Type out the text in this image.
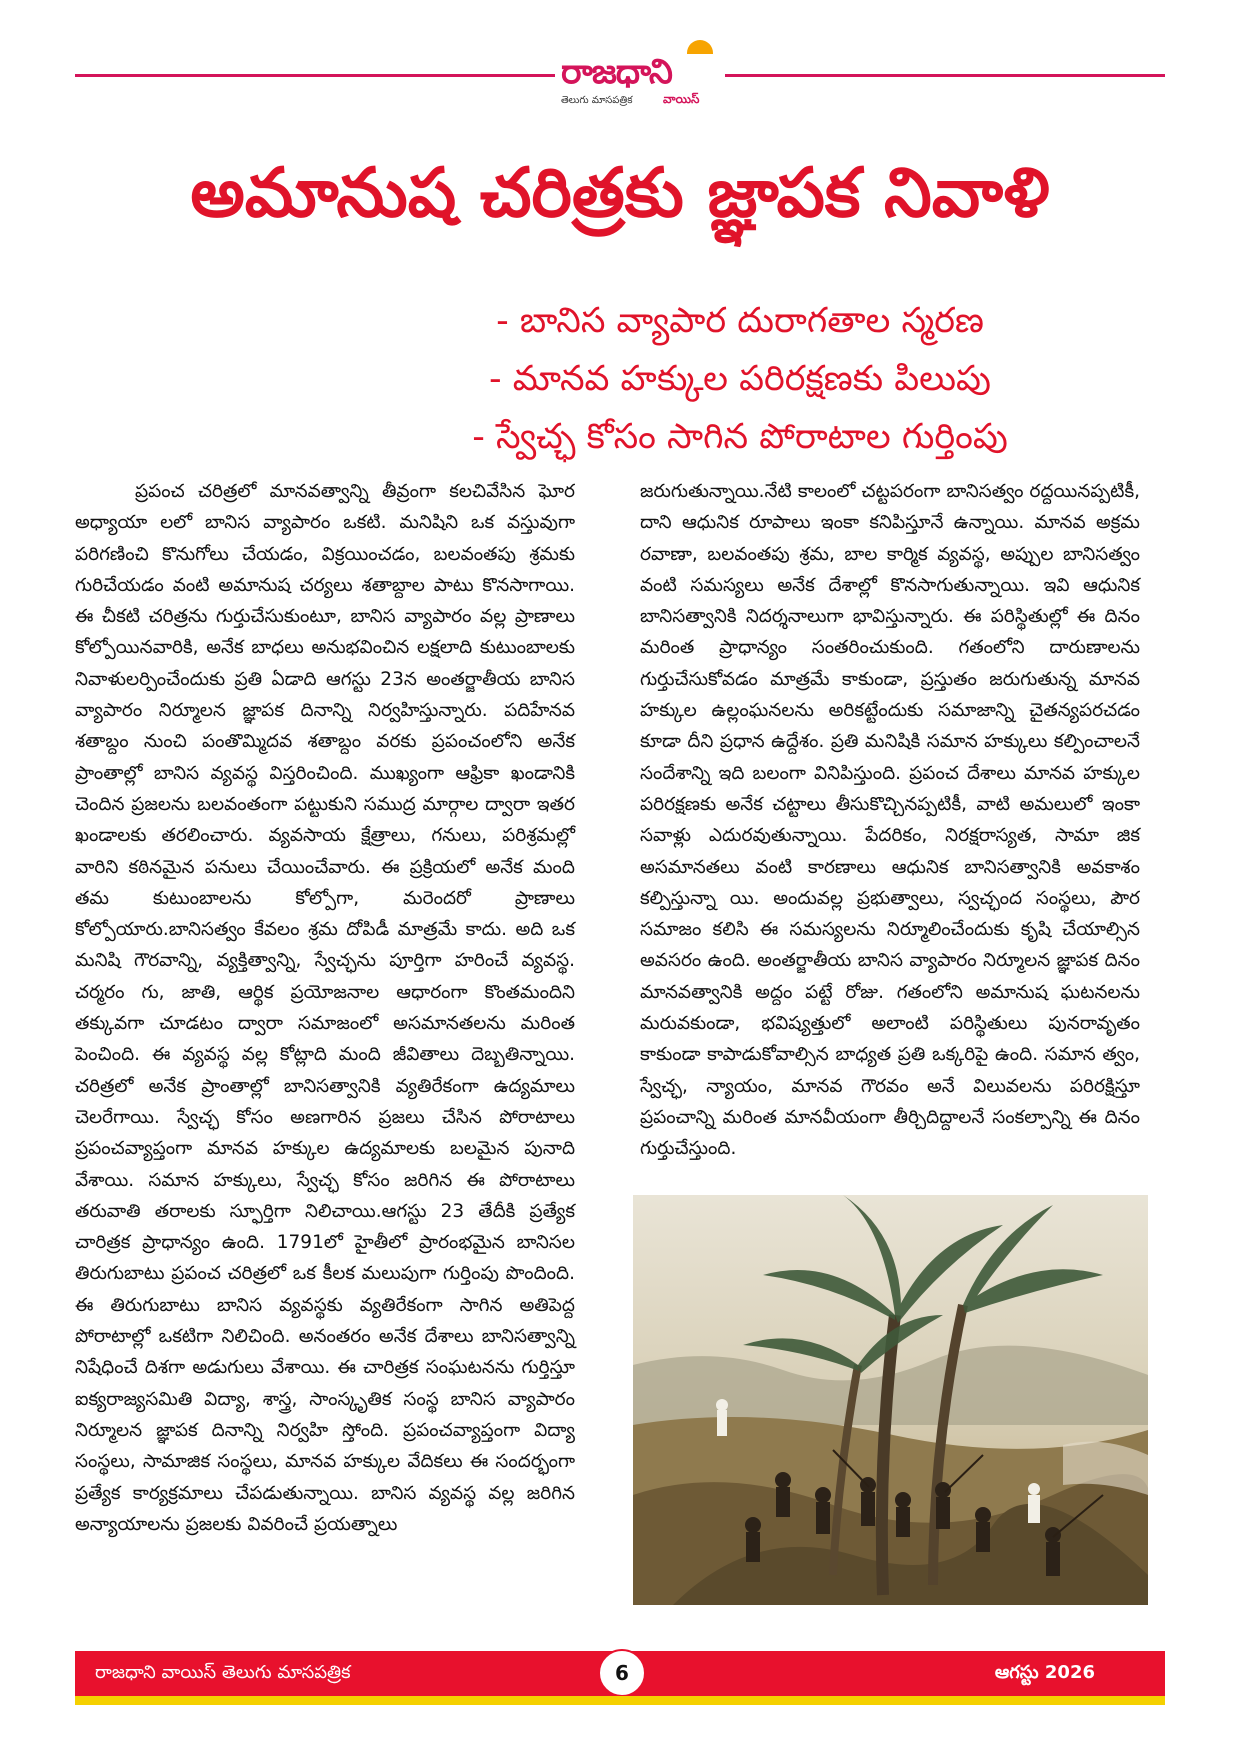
రాజధాని
తెలుగు మాసపత్రిక	వాయిస్
అమానుష చరిత్రకు జ్ఞాపక నివాళి
- బానిస వ్యాపార దురాగతాల స్మరణ
- మానవ హక్కుల పరిరక్షణకు పిలుపు
- స్వేచ్ఛ కోసం సాగిన పోరాటాల గుర్తింపు

ప్రపంచ చరిత్రలో మానవత్వాన్ని తీవ్రంగా కలచివేసిన ఘోర అధ్యాయా లలో బానిస వ్యాపారం ఒకటి. మనిషిని ఒక వస్తువుగా పరిగణించి కొనుగోలు చేయడం, విక్రయించడం, బలవంతపు శ్రమకు గురిచేయడం వంటి అమానుష చర్యలు శతాబ్దాల పాటు కొనసాగాయి. ఈ చీకటి చరిత్రను గుర్తుచేసుకుంటూ, బానిస వ్యాపారం వల్ల ప్రాణాలు కోల్పోయినవారికి, అనేక బాధలు అనుభవించిన లక్షలాది కుటుంబాలకు నివాళులర్పించేందుకు ప్రతి ఏడాది ఆగస్టు 23న అంతర్జాతీయ బానిస వ్యాపారం నిర్మూలన జ్ఞాపక దినాన్ని నిర్వహిస్తున్నారు. పదిహేనవ శతాబ్దం నుంచి పంతొమ్మిదవ శతాబ్దం వరకు ప్రపంచంలోని అనేక ప్రాంతాల్లో బానిస వ్యవస్థ విస్తరించింది. ముఖ్యంగా ఆఫ్రికా ఖండానికి చెందిన ప్రజలను బలవంతంగా పట్టుకుని సముద్ర మార్గాల ద్వారా ఇతర ఖండాలకు తరలించారు. వ్యవసాయ క్షేత్రాలు, గనులు, పరిశ్రమల్లో వారిని కఠినమైన పనులు చేయించేవారు. ఈ ప్రక్రియలో అనేక మంది తమ కుటుంబాలను కోల్పోగా, మరెందరో ప్రాణాలు కోల్పోయారు.బానిసత్వం కేవలం శ్రమ దోపిడీ మాత్రమే కాదు. అది ఒక మనిషి గౌరవాన్ని, వ్యక్తిత్వాన్ని, స్వేచ్ఛను పూర్తిగా హరించే వ్యవస్థ. చర్మరం గు, జాతి, ఆర్థిక ప్రయోజనాల ఆధారంగా కొంతమందిని తక్కువగా చూడటం ద్వారా సమాజంలో అసమానతలను మరింత పెంచింది. ఈ వ్యవస్థ వల్ల కోట్లాది మంది జీవితాలు దెబ్బతిన్నాయి. చరిత్రలో అనేక ప్రాంతాల్లో బానిసత్వానికి వ్యతిరేకంగా ఉద్యమాలు చెలరేగాయి. స్వేచ్ఛ కోసం అణగారిన ప్రజలు చేసిన పోరాటాలు ప్రపంచవ్యాప్తంగా మానవ హక్కుల ఉద్యమాలకు బలమైన పునాది వేశాయి. సమాన హక్కులు, స్వేచ్ఛ కోసం జరిగిన ఈ పోరాటాలు తరువాతి తరాలకు స్ఫూర్తిగా నిలిచాయి.ఆగస్టు 23 తేదీకి ప్రత్యేక చారిత్రక ప్రాధాన్యం ఉంది. 1791లో హైతీలో ప్రారంభమైన బానిసల తిరుగుబాటు ప్రపంచ చరిత్రలో ఒక కీలక మలుపుగా గుర్తింపు పొందింది. ఈ తిరుగుబాటు బానిస వ్యవస్థకు వ్యతిరేకంగా సాగిన అతిపెద్ద పోరాటాల్లో ఒకటిగా నిలిచింది. అనంతరం అనేక దేశాలు బానిసత్వాన్ని నిషేధించే దిశగా అడుగులు వేశాయి. ఈ చారిత్రక సంఘటనను గుర్తిస్తూ ఐక్యరాజ్యసమితి విద్యా, శాస్త్ర, సాంస్కృతిక సంస్థ బానిస వ్యాపారం నిర్మూలన జ్ఞాపక దినాన్ని నిర్వహి స్తోంది. ప్రపంచవ్యాప్తంగా విద్యా సంస్థలు, సామాజిక సంస్థలు, మానవ హక్కుల వేదికలు ఈ సందర్భంగా ప్రత్యేక కార్యక్రమాలు చేపడుతున్నాయి. బానిస వ్యవస్థ వల్ల జరిగిన అన్యాయాలను ప్రజలకు వివరించే ప్రయత్నాలు

జరుగుతున్నాయి.నేటి కాలంలో చట్టపరంగా బానిసత్వం రద్దయినప్పటికీ, దాని ఆధునిక రూపాలు ఇంకా కనిపిస్తూనే ఉన్నాయి. మానవ అక్రమ రవాణా, బలవంతపు శ్రమ, బాల కార్మిక వ్యవస్థ, అప్పుల బానిసత్వం వంటి సమస్యలు అనేక దేశాల్లో కొనసాగుతున్నాయి. ఇవి ఆధునిక బానిసత్వానికి నిదర్శనాలుగా భావిస్తున్నారు. ఈ పరిస్థితుల్లో ఈ దినం మరింత ప్రాధాన్యం సంతరించుకుంది. గతంలోని దారుణాలను గుర్తుచేసుకోవడం మాత్రమే కాకుండా, ప్రస్తుతం జరుగుతున్న మానవ హక్కుల ఉల్లంఘనలను అరికట్టేందుకు సమాజాన్ని చైతన్యపరచడం కూడా దీని ప్రధాన ఉద్దేశం. ప్రతి మనిషికి సమాన హక్కులు కల్పించాలనే సందేశాన్ని ఇది బలంగా వినిపిస్తుంది. ప్రపంచ దేశాలు మానవ హక్కుల పరిరక్షణకు అనేక చట్టాలు తీసుకొచ్చినప్పటికీ, వాటి అమలులో ఇంకా సవాళ్లు ఎదురవుతున్నాయి. పేదరికం, నిరక్షరాస్యత, సామా జిక అసమానతలు వంటి కారణాలు ఆధునిక బానిసత్వానికి అవకాశం కల్పిస్తున్నా యి. అందువల్ల ప్రభుత్వాలు, స్వచ్ఛంద సంస్థలు, పౌర సమాజం కలిసి ఈ సమస్యలను నిర్మూలించేందుకు కృషి చేయాల్సిన అవసరం ఉంది. అంతర్జాతీయ బానిస వ్యాపారం నిర్మూలన జ్ఞాపక దినం మానవత్వానికి అద్దం పట్టే రోజు. గతంలోని అమానుష ఘటనలను మరువకుండా, భవిష్యత్తులో అలాంటి పరిస్థితులు పునరావృతం కాకుండా కాపాడుకోవాల్సిన బాధ్యత ప్రతి ఒక్కరిపై ఉంది. సమాన త్వం, స్వేచ్ఛ, న్యాయం, మానవ గౌరవం అనే విలువలను పరిరక్షిస్తూ ప్రపంచాన్ని మరింత మానవీయంగా తీర్చిదిద్దాలనే సంకల్పాన్ని ఈ దినం గుర్తుచేస్తుంది.

రాజధాని వాయిస్ తెలుగు మాసపత్రిక	ఆగస్టు 2026
6
